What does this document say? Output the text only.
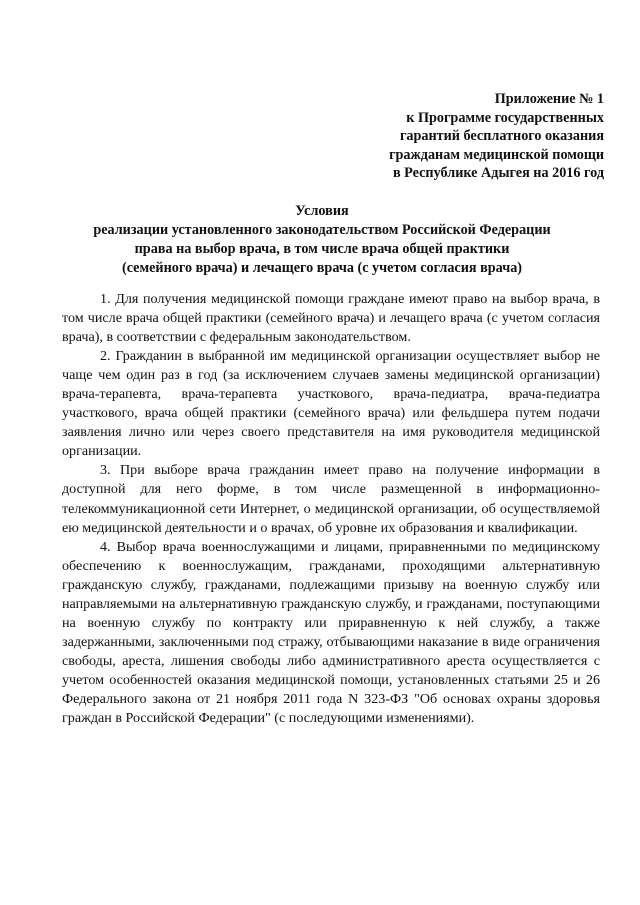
Приложение № 1
к Программе государственных
гарантий бесплатного оказания
гражданам медицинской помощи
в Республике Адыгея на 2016 год
Условия
реализации установленного законодательством Российской Федерации
права на выбор врача, в том числе врача общей практики
(семейного врача) и лечащего врача (с учетом согласия врача)

1. Для получения медицинской помощи граждане имеют право на выбор врача, в том числе врача общей практики (семейного врача) и лечащего врача (с учетом согласия врача), в соответствии с федеральным законодательством.

2. Гражданин в выбранной им медицинской организации осуществляет выбор не чаще чем один раз в год (за исключением случаев замены медицинской организации) врача-терапевта, врача-терапевта участкового, врача-педиатра, врача-педиатра участкового, врача общей практики (семейного врача) или фельдшера путем подачи заявления лично или через своего представителя на имя руководителя медицинской организации.

3. При выборе врача гражданин имеет право на получение информации в доступной для него форме, в том числе размещенной в информационно-телекоммуникационной сети Интернет, о медицинской организации, об осуществляемой ею медицинской деятельности и о врачах, об уровне их образования и квалификации.

4. Выбор врача военнослужащими и лицами, приравненными по медицинскому обеспечению к военнослужащим, гражданами, проходящими альтернативную гражданскую службу, гражданами, подлежащими призыву на военную службу или направляемыми на альтернативную гражданскую службу, и гражданами, поступающими на военную службу по контракту или приравненную к ней службу, а также задержанными, заключенными под стражу, отбывающими наказание в виде ограничения свободы, ареста, лишения свободы либо административного ареста осуществляется с учетом особенностей оказания медицинской помощи, установленных статьями 25 и 26 Федерального закона от 21 ноября 2011 года N 323-ФЗ "Об основах охраны здоровья граждан в Российской Федерации" (с последующими изменениями).
